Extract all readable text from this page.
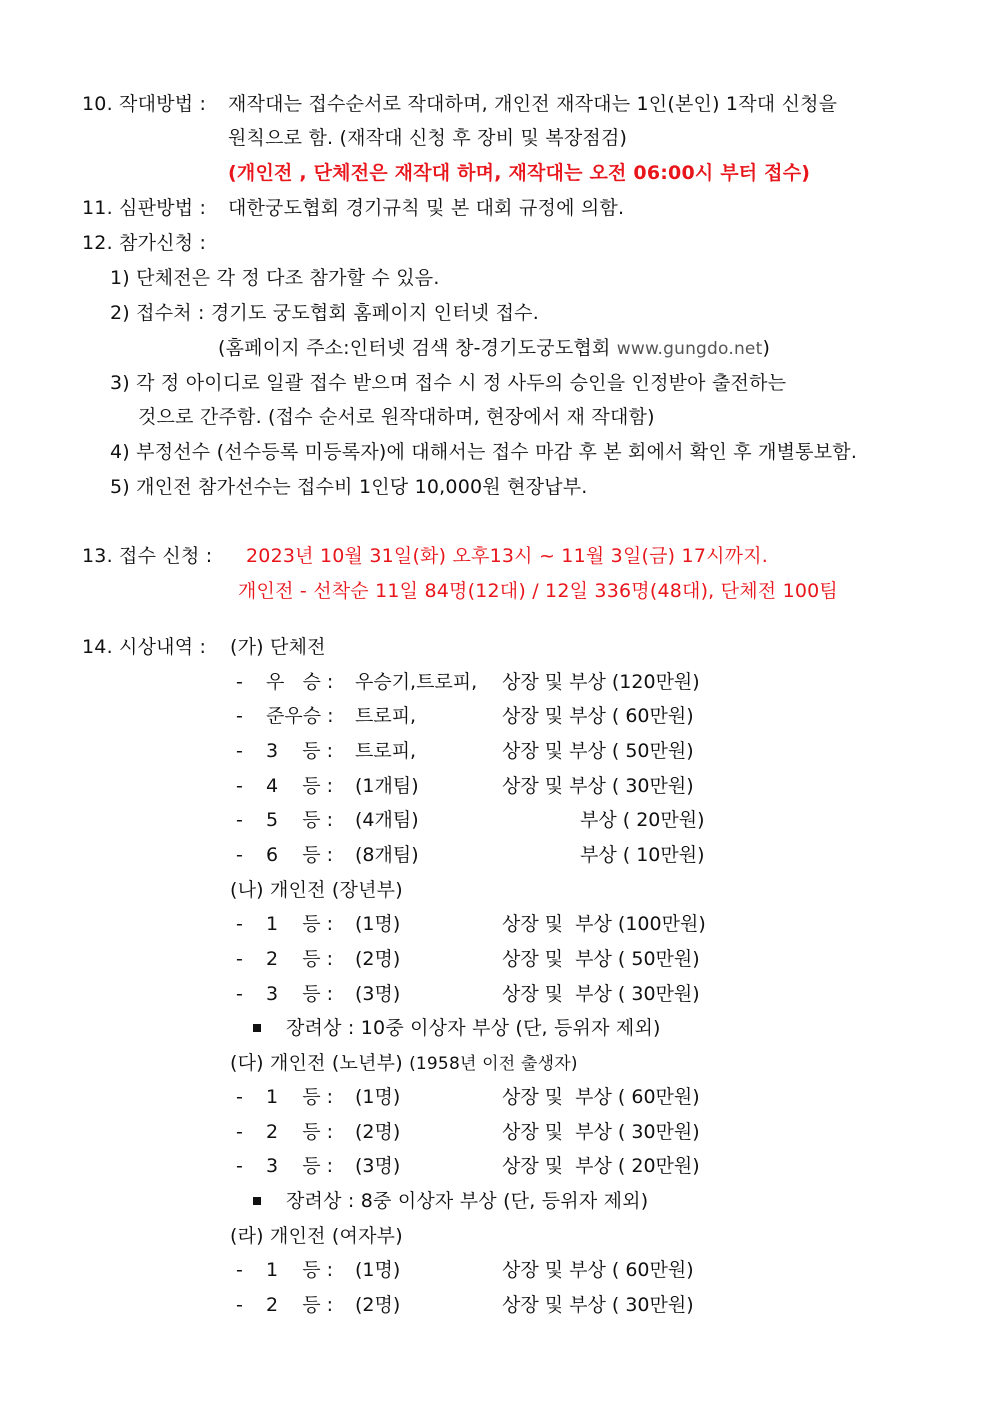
10. 작대방법 : 재작대는 접수순서로 작대하며, 개인전 재작대는 1인(본인) 1작대 신청을
원칙으로 함. (재작대 신청 후 장비 및 복장점검)
(개인전 , 단체전은 재작대 하며, 재작대는 오전 06:00시 부터 접수)
11. 심판방법 : 대한궁도협회 경기규칙 및 본 대회 규정에 의함.
12. 참가신청 :
1) 단체전은 각 정 다조 참가할 수 있음.
2) 접수처 : 경기도 궁도협회 홈페이지 인터넷 접수.
(홈페이지 주소:인터넷 검색 창-경기도궁도협회 www.gungdo.net)
3) 각 정 아이디로 일괄 접수 받으며 접수 시 정 사두의 승인을 인정받아 출전하는
것으로 간주함. (접수 순서로 원작대하며, 현장에서 재 작대함)
4) 부정선수 (선수등록 미등록자)에 대해서는 접수 마감 후 본 회에서 확인 후 개별통보함.
5) 개인전 참가선수는 접수비 1인당 10,000원 현장납부.
13. 접수 신청 : 2023년 10월 31일(화) 오후13시 ~ 11월 3일(금) 17시까지.
개인전 - 선착순 11일 84명(12대) / 12일 336명(48대), 단체전 100팀
14. 시상내역 : (가) 단체전
- 우   승 : 우승기,트로피, 상장 및 부상 (120만원)
- 준우승 : 트로피,	상장 및 부상 ( 60만원)
- 3    등 : 트로피,	상장 및 부상 ( 50만원)
- 4    등 : (1개팀)	상장 및 부상 ( 30만원)
- 5    등 : (4개팀)	부상 ( 20만원)
- 6    등 : (8개팀)	부상 ( 10만원)
(나) 개인전 (장년부)
- 1    등 : (1명)	상장 및  부상 (100만원)
- 2    등 : (2명)	상장 및  부상 ( 50만원)
- 3    등 : (3명)	상장 및  부상 ( 30만원)
장려상 : 10중 이상자 부상 (단, 등위자 제외)
(다) 개인전 (노년부) (1958년 이전 출생자)
- 1    등 : (1명)	상장 및  부상 ( 60만원)
- 2    등 : (2명)	상장 및  부상 ( 30만원)
- 3    등 : (3명)	상장 및  부상 ( 20만원)
장려상 : 8중 이상자 부상 (단, 등위자 제외)
(라) 개인전 (여자부)
- 1    등 : (1명)	상장 및 부상 ( 60만원)
- 2    등 : (2명)	상장 및 부상 ( 30만원)
